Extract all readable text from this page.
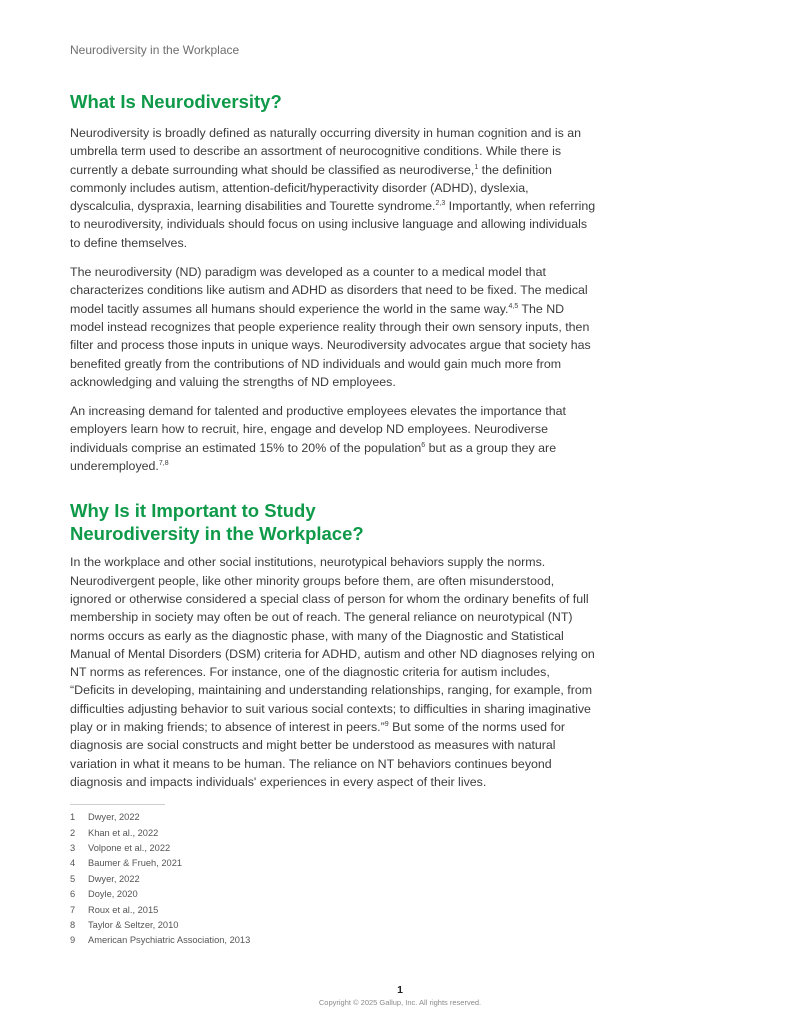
Neurodiversity in the Workplace
What Is Neurodiversity?

Neurodiversity is broadly defined as naturally occurring diversity in human cognition and is an umbrella term used to describe an assortment of neurocognitive conditions. While there is currently a debate surrounding what should be classified as neurodiverse,$^1$ the definition commonly includes autism, attention-deficit/hyperactivity disorder (ADHD), dyslexia, dyscalculia, dyspraxia, learning disabilities and Tourette syndrome.$^{2,3}$ Importantly, when referring to neurodiversity, individuals should focus on using inclusive language and allowing individuals to define themselves.

The neurodiversity (ND) paradigm was developed as a counter to a medical model that characterizes conditions like autism and ADHD as disorders that need to be fixed. The medical model tacitly assumes all humans should experience the world in the same way.$^{4,5}$ The ND model instead recognizes that people experience reality through their own sensory inputs, then filter and process those inputs in unique ways. Neurodiversity advocates argue that society has benefited greatly from the contributions of ND individuals and would gain much more from acknowledging and valuing the strengths of ND employees.

An increasing demand for talented and productive employees elevates the importance that employers learn how to recruit, hire, engage and develop ND employees. Neurodiverse individuals comprise an estimated 15% to 20% of the population$^6$ but as a group they are underemployed.$^{7,8}$

Why Is it Important to Study
Neurodiversity in the Workplace?

In the workplace and other social institutions, neurotypical behaviors supply the norms. Neurodivergent people, like other minority groups before them, are often misunderstood, ignored or otherwise considered a special class of person for whom the ordinary benefits of full membership in society may often be out of reach. The general reliance on neurotypical (NT) norms occurs as early as the diagnostic phase, with many of the Diagnostic and Statistical Manual of Mental Disorders (DSM) criteria for ADHD, autism and other ND diagnoses relying on NT norms as references. For instance, one of the diagnostic criteria for autism includes, “Deficits in developing, maintaining and understanding relationships, ranging, for example, from difficulties adjusting behavior to suit various social contexts; to difficulties in sharing imaginative play or in making friends; to absence of interest in peers.”$^9$ But some of the norms used for diagnosis are social constructs and might better be understood as measures with natural variation in what it means to be human. The reliance on NT behaviors continues beyond diagnosis and impacts individuals' experiences in every aspect of their lives.

1	Dwyer, 2022
2	Khan et al., 2022
3	Volpone et al., 2022
4	Baumer & Frueh, 2021
5	Dwyer, 2022
6	Doyle, 2020
7	Roux et al., 2015
8	Taylor & Seltzer, 2010
9	American Psychiatric Association, 2013
1
Copyright © 2025 Gallup, Inc. All rights reserved.
